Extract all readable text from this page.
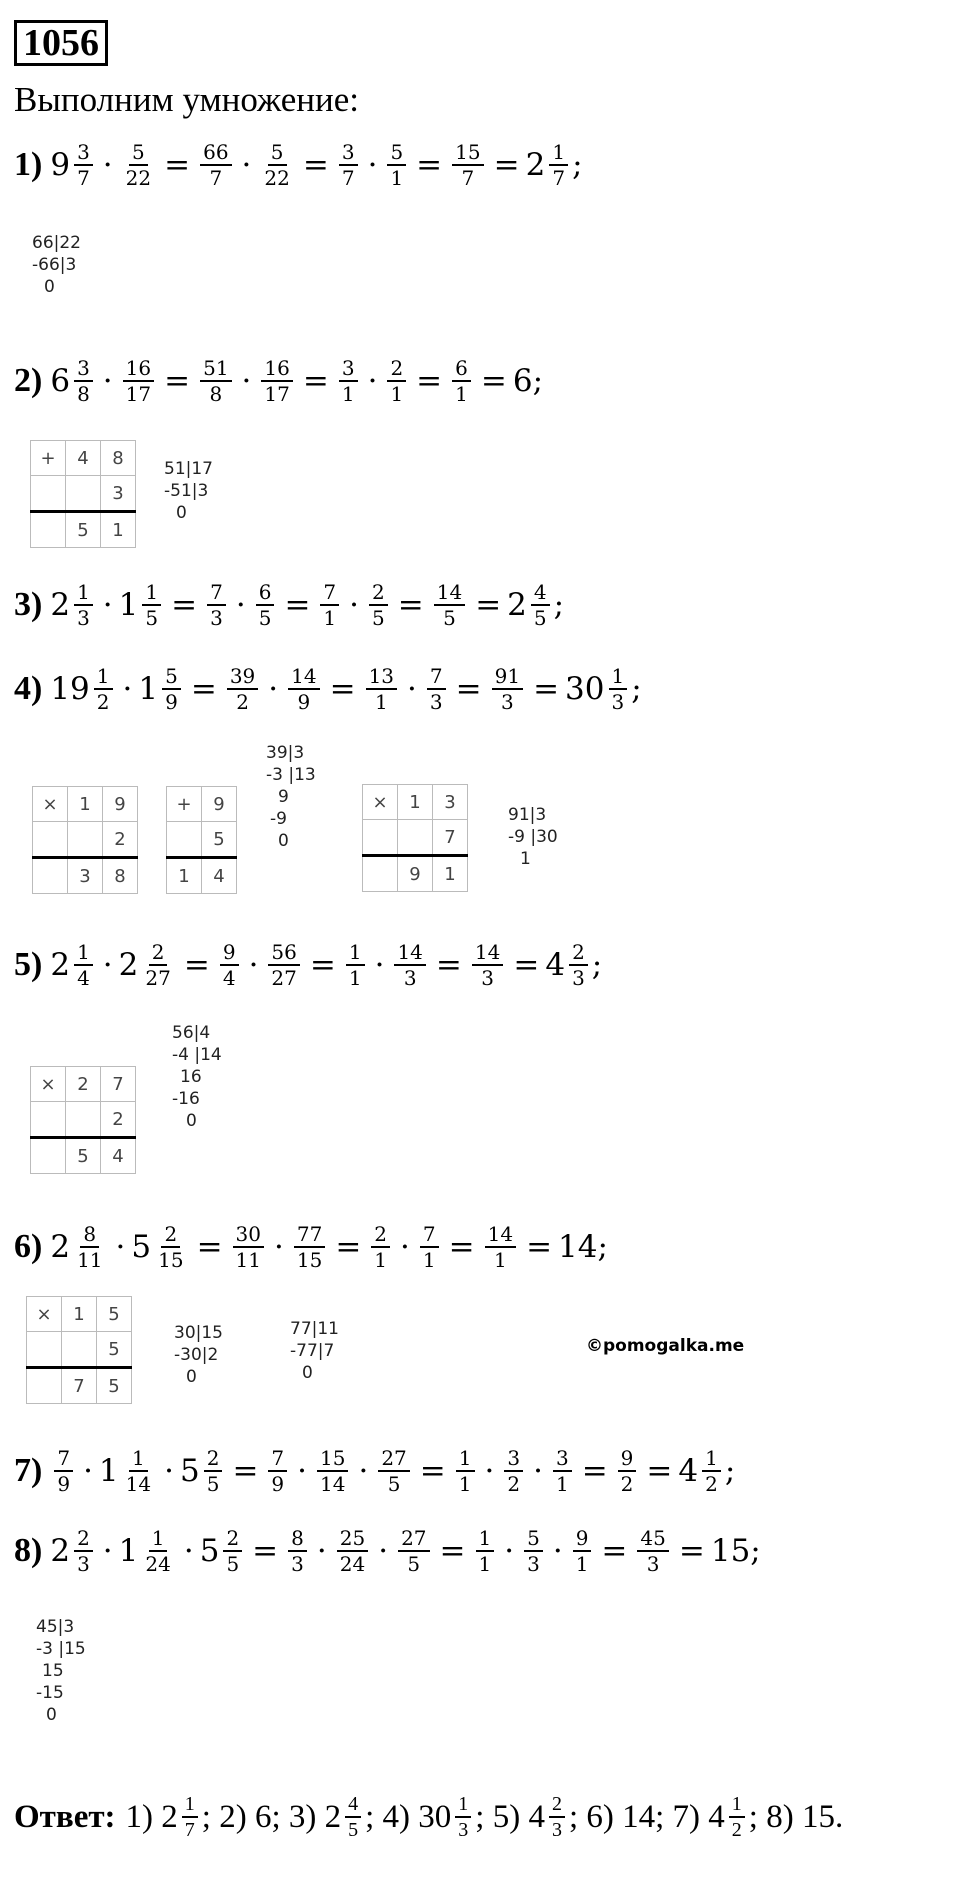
1056
Выполним умножение:
1) $9 \frac{3}{7} \cdot \frac{5}{22} = \frac{66}{7} \cdot \frac{5}{22} = \frac{3}{7} \cdot \frac{5}{1} = \frac{15}{7} = 2 \frac{1}{7}$ ;
66|22
-66|3
0
2) $6 \frac{3}{8} \cdot \frac{16}{17} = \frac{51}{8} \cdot \frac{16}{17} = \frac{3}{1} \cdot \frac{2}{1} = \frac{6}{1} = 6$ ;
+	4	8
		3
	5	1
51|17
-51|3
0
3) $2 \frac{1}{3} \cdot 1 \frac{1}{5} = \frac{7}{3} \cdot \frac{6}{5} = \frac{7}{1} \cdot \frac{2}{5} = \frac{14}{5} = 2 \frac{4}{5}$ ;
4) $19 \frac{1}{2} \cdot 1 \frac{5}{9} = \frac{39}{2} \cdot \frac{14}{9} = \frac{13}{1} \cdot \frac{7}{3} = \frac{91}{3} = 30 \frac{1}{3}$ ;
×	1	9
		2
	3	8
+	9
	5
1	4
39|3
-3 |13
9
-9
0
×	1	3
		7
	9	1
91|3
-9 |30
1
5) $2 \frac{1}{4} \cdot 2 \frac{2}{27} = \frac{9}{4} \cdot \frac{56}{27} = \frac{1}{1} \cdot \frac{14}{3} = \frac{14}{3} = 4 \frac{2}{3}$ ;
×	2	7
		2
	5	4
56|4
-4 |14
16
-16
0
6) $2 \frac{8}{11} \cdot 5 \frac{2}{15} = \frac{30}{11} \cdot \frac{77}{15} = \frac{2}{1} \cdot \frac{7}{1} = \frac{14}{1} = 14$ ;
×	1	5
		5
	7	5
30|15
-30|2
0
77|11
-77|7
0
©pomogalka.me
$7) \frac{7}{9} \cdot 1 \frac{1}{14} \cdot 5 \frac{2}{5} = \frac{7}{9} \cdot \frac{15}{14} \cdot \frac{27}{5} = \frac{1}{1} \cdot \frac{3}{2} \cdot \frac{3}{1} = \frac{9}{2} = 4 \frac{1}{2}$ ;
8) $2 \frac{2}{3} \cdot 1 \frac{1}{24} \cdot 5 \frac{2}{5} = \frac{8}{3} \cdot \frac{25}{24} \cdot \frac{27}{5} = \frac{1}{1} \cdot \frac{5}{3} \cdot \frac{9}{1} = \frac{45}{3} = 15$ ;
45|3
-3 |15
15
-15
0
Ответ: 1) $2 \frac{1}{7}$ ; 2) 6; 3) $2 \frac{4}{5}$ ; 4) $30 \frac{1}{3}$ ; 5) $4 \frac{2}{3}$ ; 6) 14; 7) $4 \frac{1}{2}$ ; 8) 15.
